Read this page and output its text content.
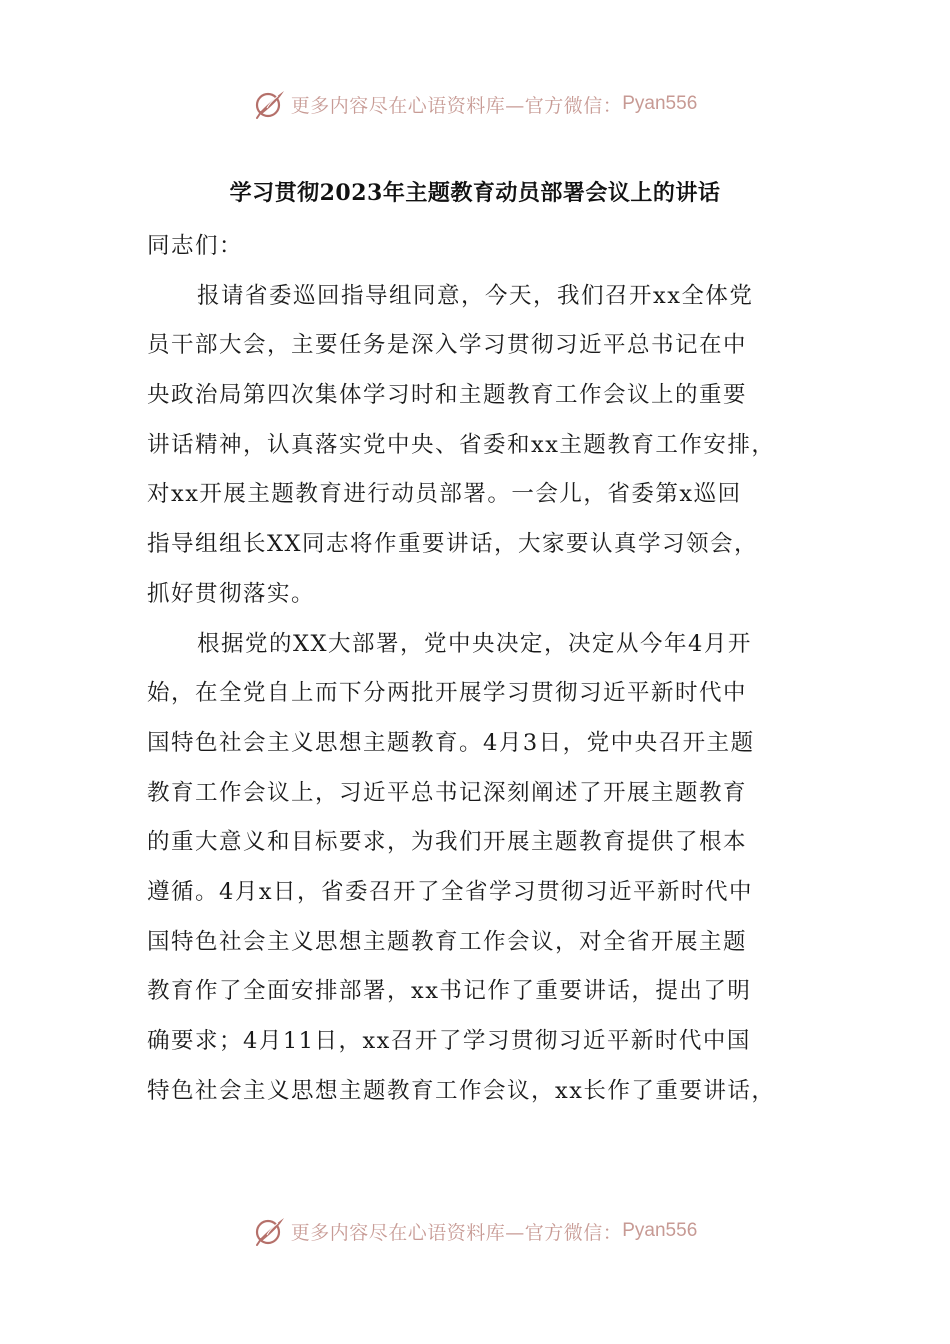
更多内容尽在心语资料库—官方微信： Pyan556
学习贯彻2023年主题教育动员部署会议上的讲话
同志们：
报请省委巡回指导组同意，今天，我们召开xx全体党
员干部大会，主要任务是深入学习贯彻习近平总书记在中
央政治局第四次集体学习时和主题教育工作会议上的重要
讲话精神，认真落实党中央、省委和xx主题教育工作安排，
对xx开展主题教育进行动员部署。一会儿，省委第x巡回
指导组组长XX同志将作重要讲话，大家要认真学习领会，
抓好贯彻落实。
根据党的XX大部署，党中央决定，决定从今年4月开
始，在全党自上而下分两批开展学习贯彻习近平新时代中
国特色社会主义思想主题教育。4月3日，党中央召开主题
教育工作会议上，习近平总书记深刻阐述了开展主题教育
的重大意义和目标要求，为我们开展主题教育提供了根本
遵循。4月x日，省委召开了全省学习贯彻习近平新时代中
国特色社会主义思想主题教育工作会议，对全省开展主题
教育作了全面安排部署，xx书记作了重要讲话，提出了明
确要求；4月11日，xx召开了学习贯彻习近平新时代中国
特色社会主义思想主题教育工作会议，xx长作了重要讲话，
更多内容尽在心语资料库—官方微信： Pyan556
